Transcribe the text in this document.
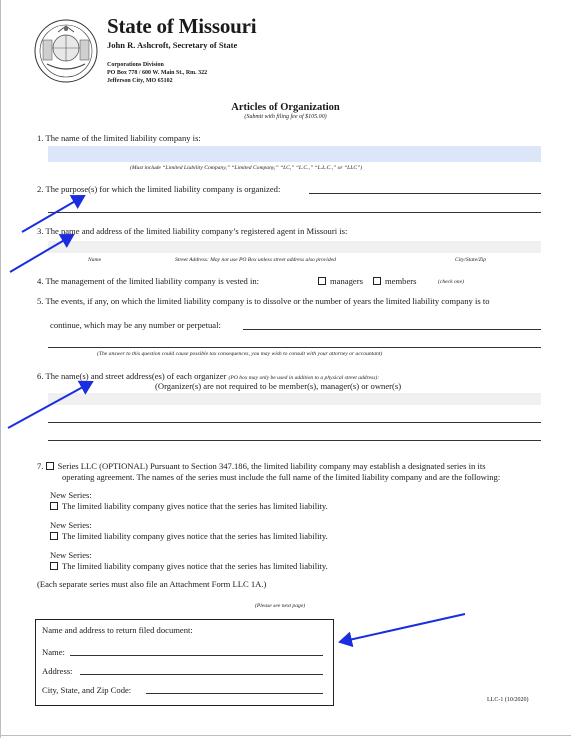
State of Missouri
John R. Ashcroft, Secretary of State
Corporations Division
PO Box 778 / 600 W. Main St., Rm. 322
Jefferson City, MO 65102
Articles of Organization
(Submit with filing fee of $105.00)
1. The name of the limited liability company is:
(Must include “Limited Liability Company,” “Limited Company,” “LC,” “L.C.,” “L.L.C.,” or “LLC”)
2. The purpose(s) for which the limited liability company is organized:
3. The name and address of the limited liability company’s registered agent in Missouri is:
Name	Street Address: May not use PO Box unless street address also provided	City/State/Zip
4. The management of the limited liability company is vested in:	managers	members	(check one)
5. The events, if any, on which the limited liability company is to dissolve or the number of years the limited liability company is to
continue, which may be any number or perpetual:
(The answer to this question could cause possible tax consequences, you may wish to consult with your attorney or accountant)
6. The name(s) and street address(es) of each organizer (PO box may only be used in addition to a physical street address):
(Organizer(s) are not required to be member(s), manager(s) or owner(s)
7. Series LLC (OPTIONAL) Pursuant to Section 347.186, the limited liability company may establish a designated series in its
operating agreement. The names of the series must include the full name of the limited liability company and are the following:
New Series:
The limited liability company gives notice that the series has limited liability.
New Series:
The limited liability company gives notice that the series has limited liability.
New Series:
The limited liability company gives notice that the series has limited liability.
(Each separate series must also file an Attachment Form LLC 1A.)
(Please see next page)
Name and address to return filed document:
Name:
Address:
City, State, and Zip Code:
LLC-1 (10/2020)
